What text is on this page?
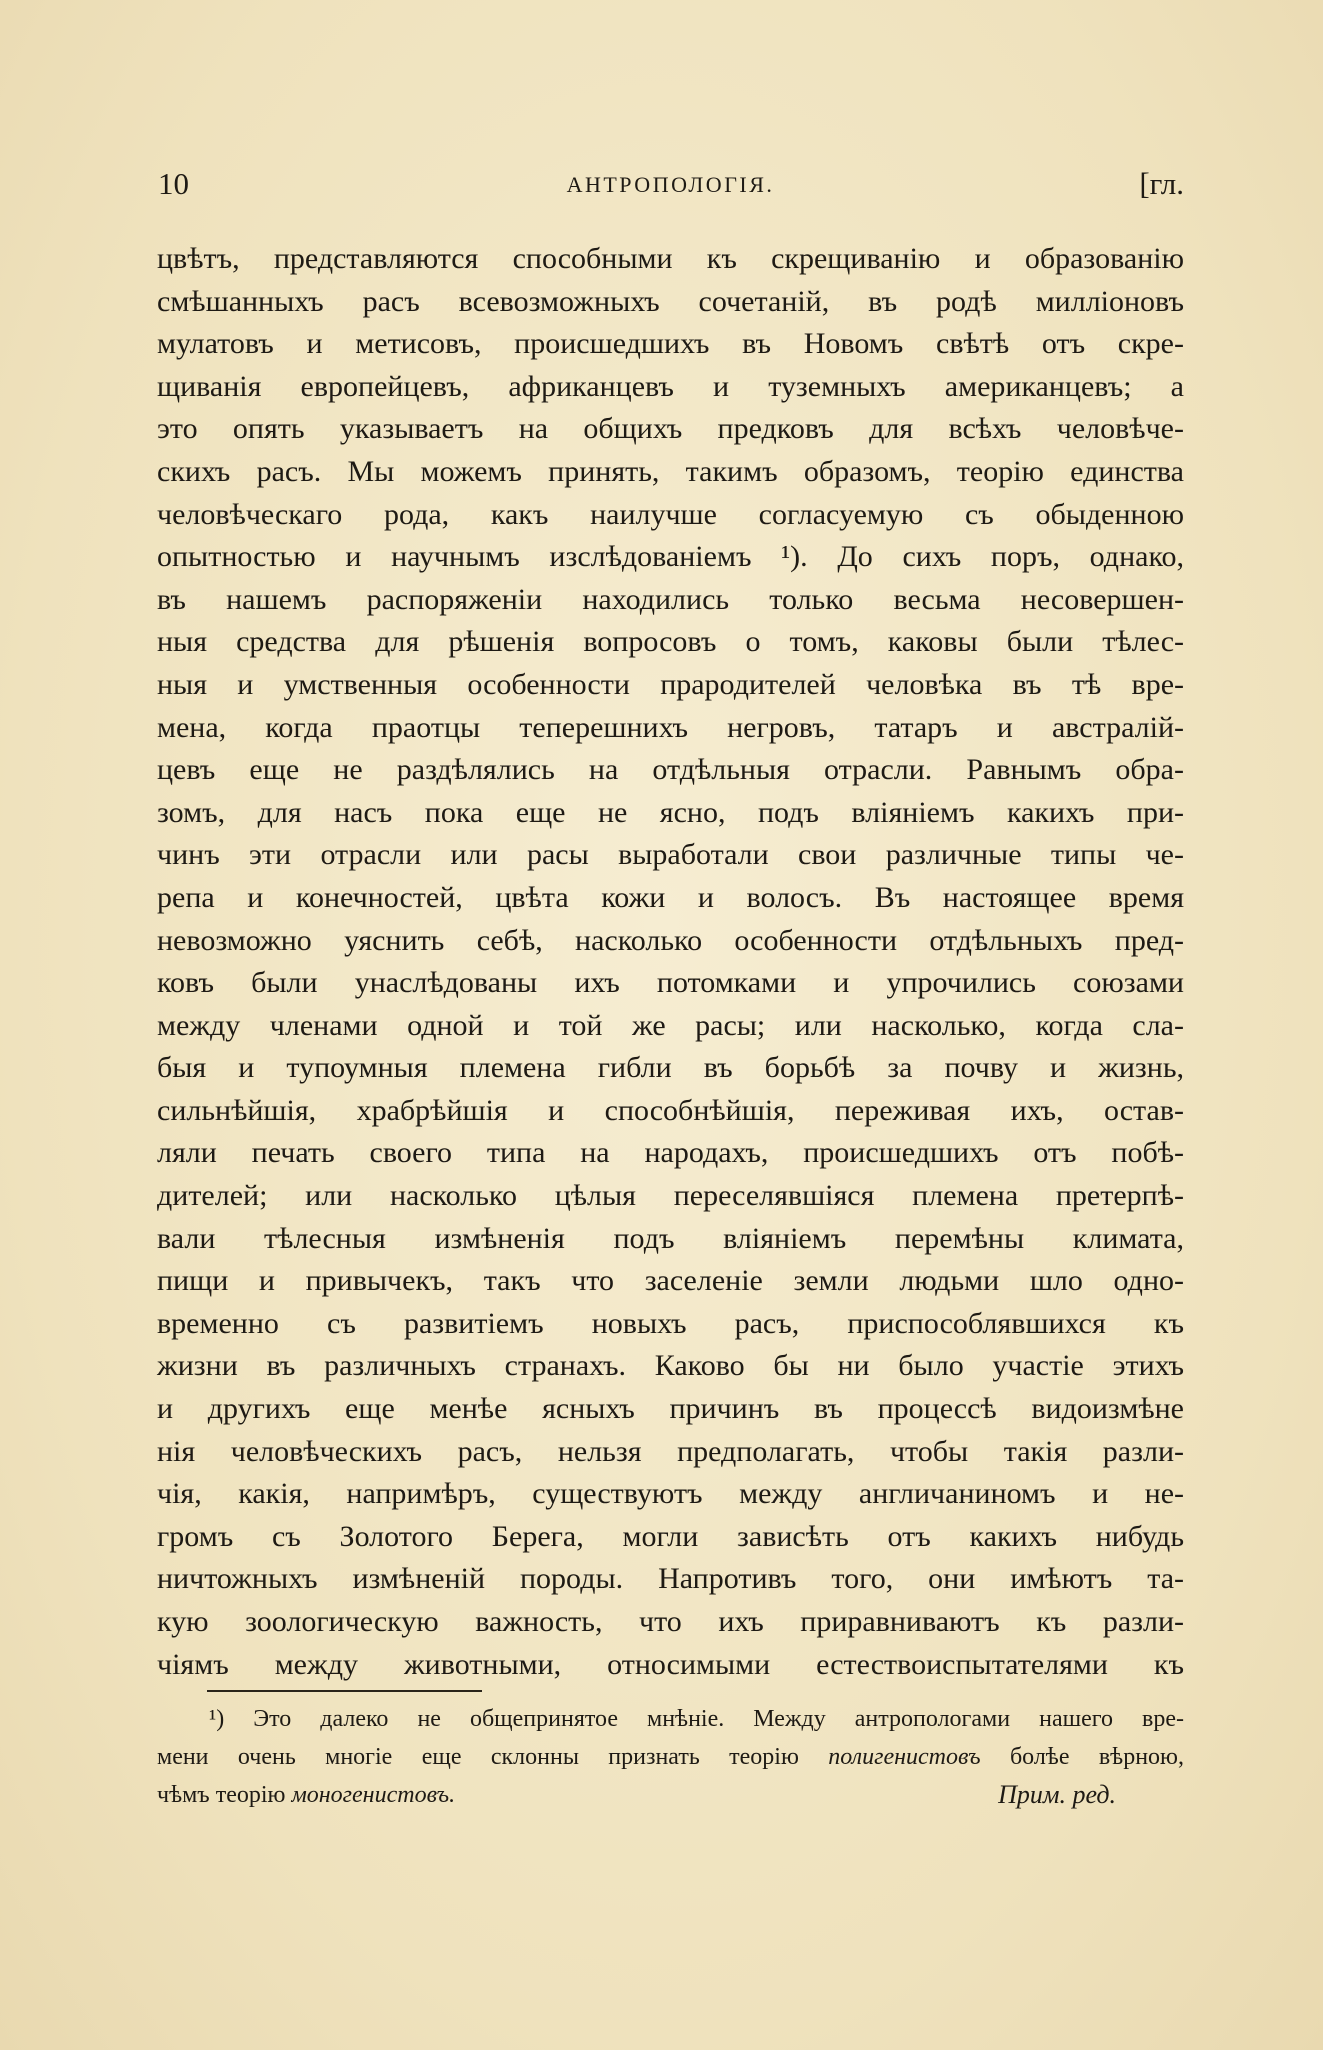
10	АНТРОПОЛОГІЯ.	[гл.
цвѣтъ, представляются способными къ скрещиванію и образованію
смѣшанныхъ расъ всевозможныхъ сочетаній, въ родѣ милліоновъ
мулатовъ и метисовъ, происшедшихъ въ Новомъ свѣтѣ отъ скре-
щиванія европейцевъ, африканцевъ и туземныхъ американцевъ; а
это опять указываетъ на общихъ предковъ для всѣхъ человѣче-
скихъ расъ. Мы можемъ принять, такимъ образомъ, теорію единства
человѣческаго рода, какъ наилучше согласуемую съ обыденною
опытностью и научнымъ изслѣдованіемъ ¹). До сихъ поръ, однако,
въ нашемъ распоряженіи находились только весьма несовершен-
ныя средства для рѣшенія вопросовъ о томъ, каковы были тѣлес-
ныя и умственныя особенности прародителей человѣка въ тѣ вре-
мена, когда праотцы теперешнихъ негровъ, татаръ и австралій-
цевъ еще не раздѣлялись на отдѣльныя отрасли. Равнымъ обра-
зомъ, для насъ пока еще не ясно, подъ вліяніемъ какихъ при-
чинъ эти отрасли или расы выработали свои различные типы че-
репа и конечностей, цвѣта кожи и волосъ. Въ настоящее время
невозможно уяснить себѣ, насколько особенности отдѣльныхъ пред-
ковъ были унаслѣдованы ихъ потомками и упрочились союзами
между членами одной и той же расы; или насколько, когда сла-
быя и тупоумныя племена гибли въ борьбѣ за почву и жизнь,
сильнѣйшія, храбрѣйшія и способнѣйшія, переживая ихъ, остав-
ляли печать своего типа на народахъ, происшедшихъ отъ побѣ-
дителей; или насколько цѣлыя переселявшіяся племена претерпѣ-
вали тѣлесныя измѣненія подъ вліяніемъ перемѣны климата,
пищи и привычекъ, такъ что заселеніе земли людьми шло одно-
временно съ развитіемъ новыхъ расъ, приспособлявшихся къ
жизни въ различныхъ странахъ. Каково бы ни было участіе этихъ
и другихъ еще менѣе ясныхъ причинъ въ процессѣ видоизмѣне
нія человѣческихъ расъ, нельзя предполагать, чтобы такія разли-
чія, какія, напримѣръ, существуютъ между англичаниномъ и не-
громъ съ Золотого Берега, могли зависѣть отъ какихъ нибудь
ничтожныхъ измѣненій породы. Напротивъ того, они имѣютъ та-
кую зоологическую важность, что ихъ приравниваютъ къ разли-
чіямъ между животными, относимыми естествоиспытателями къ
¹) Это далеко не общепринятое мнѣніе. Между антропологами нашего вре-
мени очень многіе еще склонны признать теорію полигенистовъ болѣе вѣрною,
чѣмъ теорію моногенистовъ.	Прим. ред.
